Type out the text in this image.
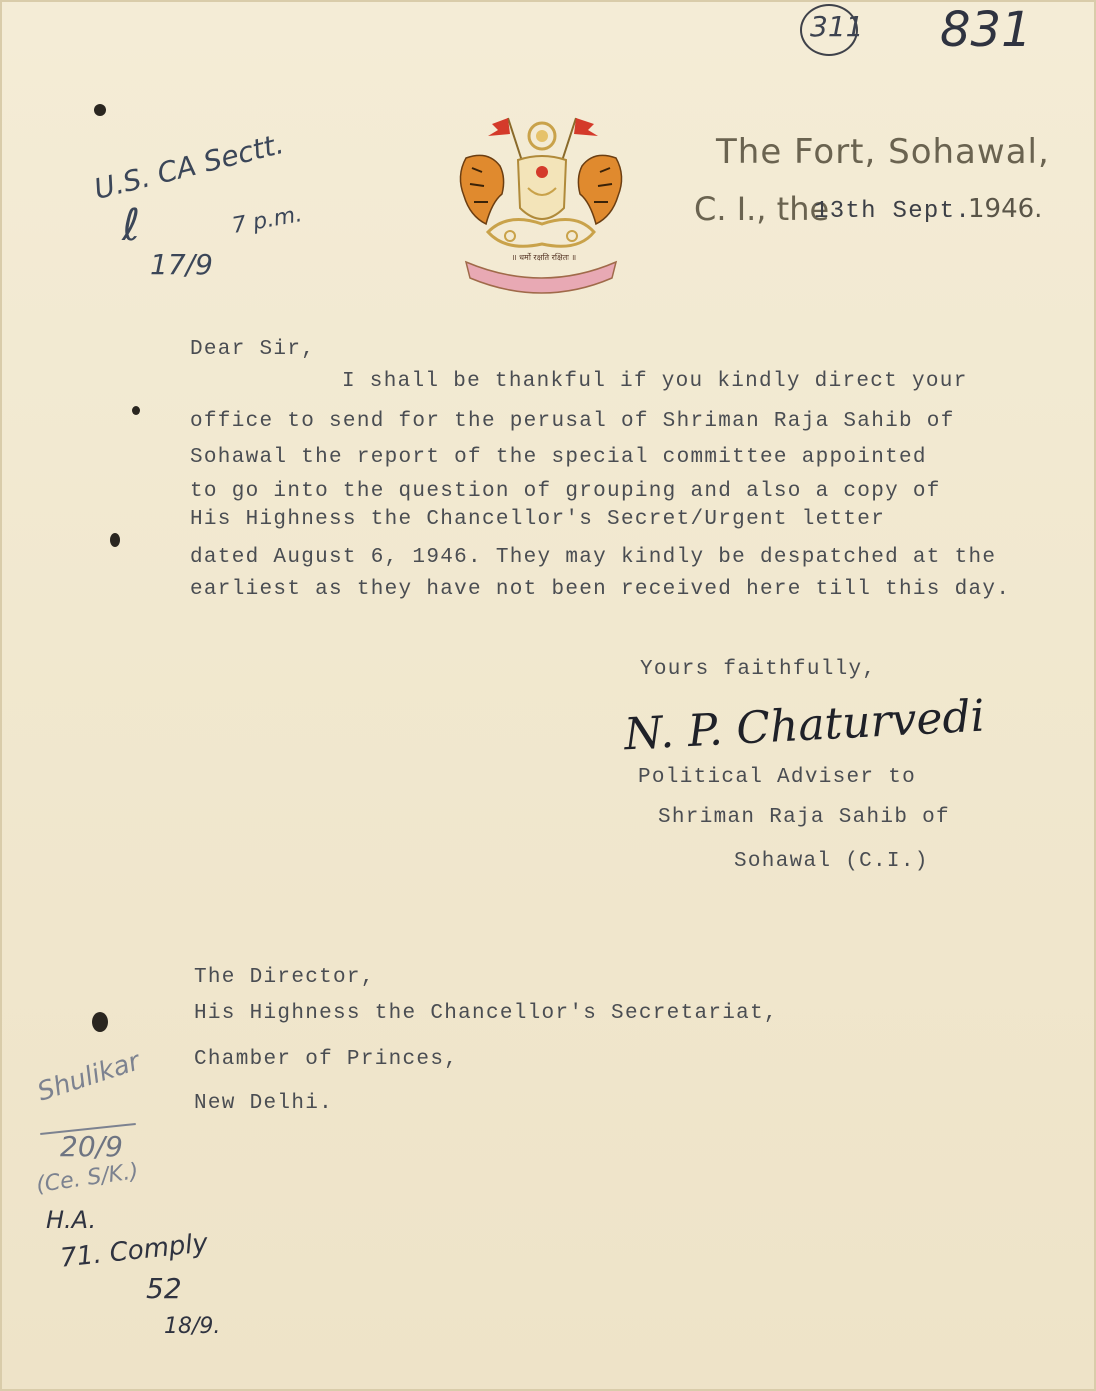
॥ धर्मो रक्षति रक्षितः ॥
The Fort, Sohawal,
C. I., the
13th Sept.
1946.
311 831
U.S. CA Sectt.
ℓ
17/9
7 p.m.
Dear Sir,
I shall be thankful if you kindly direct your
office to send for the perusal of Shriman Raja Sahib of
Sohawal the report of the special committee appointed
to go into the question of grouping and also a copy of
His Highness the Chancellor's Secret/Urgent letter
dated August 6, 1946. They may kindly be despatched at the
earliest as they have not been received here till this day.
Yours faithfully,
N. P. Chaturvedi
Political Adviser to
Shriman Raja Sahib of
Sohawal (C.I.)
The Director,
His Highness the Chancellor's Secretariat,
Chamber of Princes,
New Delhi.
Shulikar
20/9
(Ce. S/K.)
H.A.
71. Comply
52
18/9.
